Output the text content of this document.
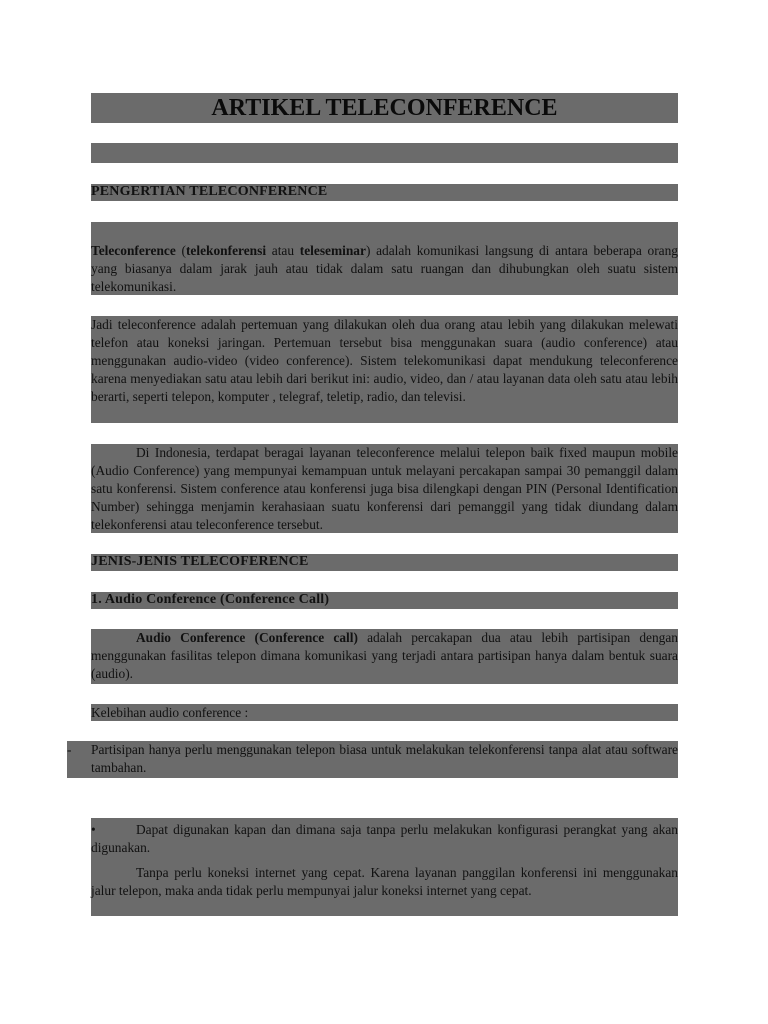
ARTIKEL TELECONFERENCE
PENGERTIAN TELECONFERENCE
Teleconference (telekonferensi atau teleseminar) adalah komunikasi langsung di antara beberapa orang yang biasanya dalam jarak jauh atau tidak dalam satu ruangan dan dihubungkan oleh suatu sistem telekomunikasi.
Jadi teleconference adalah pertemuan yang dilakukan oleh dua orang atau lebih yang dilakukan melewati telefon atau koneksi jaringan. Pertemuan tersebut bisa menggunakan suara (audio conference) atau menggunakan audio-video (video conference). Sistem telekomunikasi dapat mendukung teleconference karena menyediakan satu atau lebih dari berikut ini: audio, video, dan / atau layanan data oleh satu atau lebih berarti, seperti telepon, komputer , telegraf, teletip, radio, dan televisi.
Di Indonesia, terdapat beragai layanan teleconference melalui telepon baik fixed maupun mobile (Audio Conference) yang mempunyai kemampuan untuk melayani percakapan sampai 30 pemanggil dalam satu konferensi. Sistem conference atau konferensi juga bisa dilengkapi dengan PIN (Personal Identification Number) sehingga menjamin kerahasiaan suatu konferensi dari pemanggil yang tidak diundang dalam telekonferensi atau teleconference tersebut.
JENIS-JENIS TELECOFERENCE
1. Audio Conference (Conference Call)
Audio Conference (Conference call) adalah percakapan dua atau lebih partisipan dengan menggunakan fasilitas telepon dimana komunikasi yang terjadi antara partisipan hanya dalam bentuk suara (audio).
Kelebihan audio conference :
-	Partisipan hanya perlu menggunakan telepon biasa untuk melakukan telekonferensi tanpa alat atau software tambahan.
•	Dapat digunakan kapan dan dimana saja tanpa perlu melakukan konfigurasi perangkat yang akan digunakan.
Tanpa perlu koneksi internet yang cepat. Karena layanan panggilan konferensi ini menggunakan jalur telepon, maka anda tidak perlu mempunyai jalur koneksi internet yang cepat.
